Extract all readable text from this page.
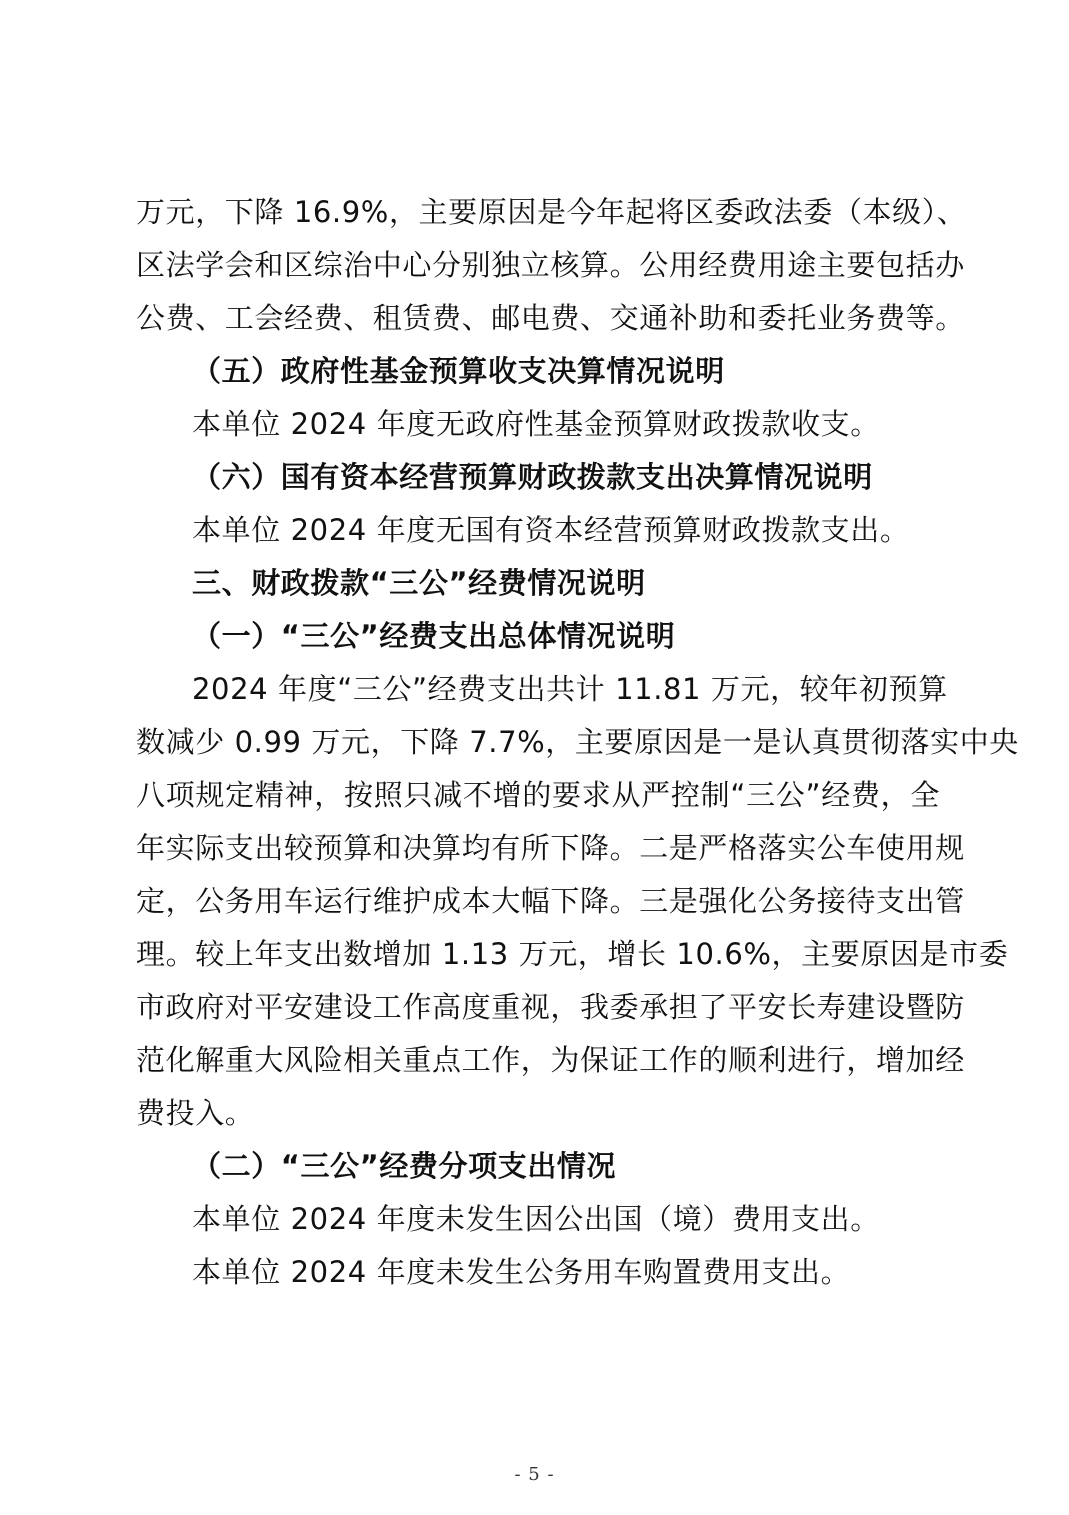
万元，下降 16.9%，主要原因是今年起将区委政法委（本级）、
区法学会和区综治中心分别独立核算。公用经费用途主要包括办
公费、工会经费、租赁费、邮电费、交通补助和委托业务费等。
（五）政府性基金预算收支决算情况说明
本单位 2024 年度无政府性基金预算财政拨款收支。
（六）国有资本经营预算财政拨款支出决算情况说明
本单位 2024 年度无国有资本经营预算财政拨款支出。
三、财政拨款“三公”经费情况说明
（一）“三公”经费支出总体情况说明
2024 年度“三公”经费支出共计 11.81 万元，较年初预算
数减少 0.99 万元，下降 7.7%，主要原因是一是认真贯彻落实中央
八项规定精神，按照只减不增的要求从严控制“三公”经费，全
年实际支出较预算和决算均有所下降。二是严格落实公车使用规
定，公务用车运行维护成本大幅下降。三是强化公务接待支出管
理。较上年支出数增加 1.13 万元，增长 10.6%，主要原因是市委
市政府对平安建设工作高度重视，我委承担了平安长寿建设暨防
范化解重大风险相关重点工作，为保证工作的顺利进行，增加经
费投入。
（二）“三公”经费分项支出情况
本单位 2024 年度未发生因公出国（境）费用支出。
本单位 2024 年度未发生公务用车购置费用支出。
- 5 -
